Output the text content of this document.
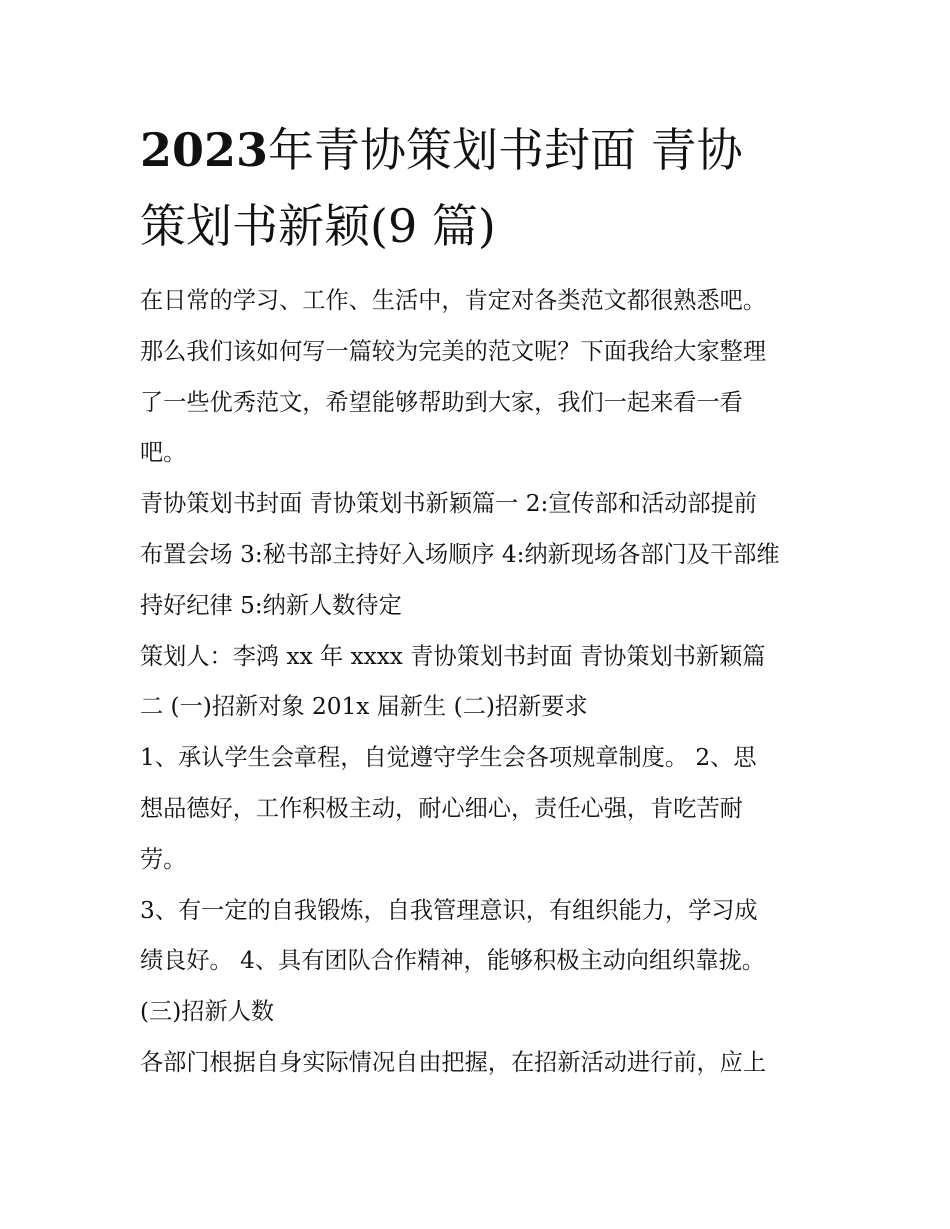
2023年青协策划书封面 青协
策划书新颖(9 篇)
在日常的学习、工作、生活中，肯定对各类范文都很熟悉吧。
那么我们该如何写一篇较为完美的范文呢？下面我给大家整理
了一些优秀范文，希望能够帮助到大家，我们一起来看一看
吧。
青协策划书封面 青协策划书新颖篇一 2:宣传部和活动部提前
布置会场 3:秘书部主持好入场顺序 4:纳新现场各部门及干部维
持好纪律 5:纳新人数待定
策划人：李鸿 xx 年 xxxx 青协策划书封面 青协策划书新颖篇
二 (一)招新对象 201x 届新生 (二)招新要求
1、承认学生会章程，自觉遵守学生会各项规章制度。 2、思
想品德好，工作积极主动，耐心细心，责任心强，肯吃苦耐
劳。
3、有一定的自我锻炼，自我管理意识，有组织能力，学习成
绩良好。 4、具有团队合作精神，能够积极主动向组织靠拢。
(三)招新人数
各部门根据自身实际情况自由把握，在招新活动进行前，应上
